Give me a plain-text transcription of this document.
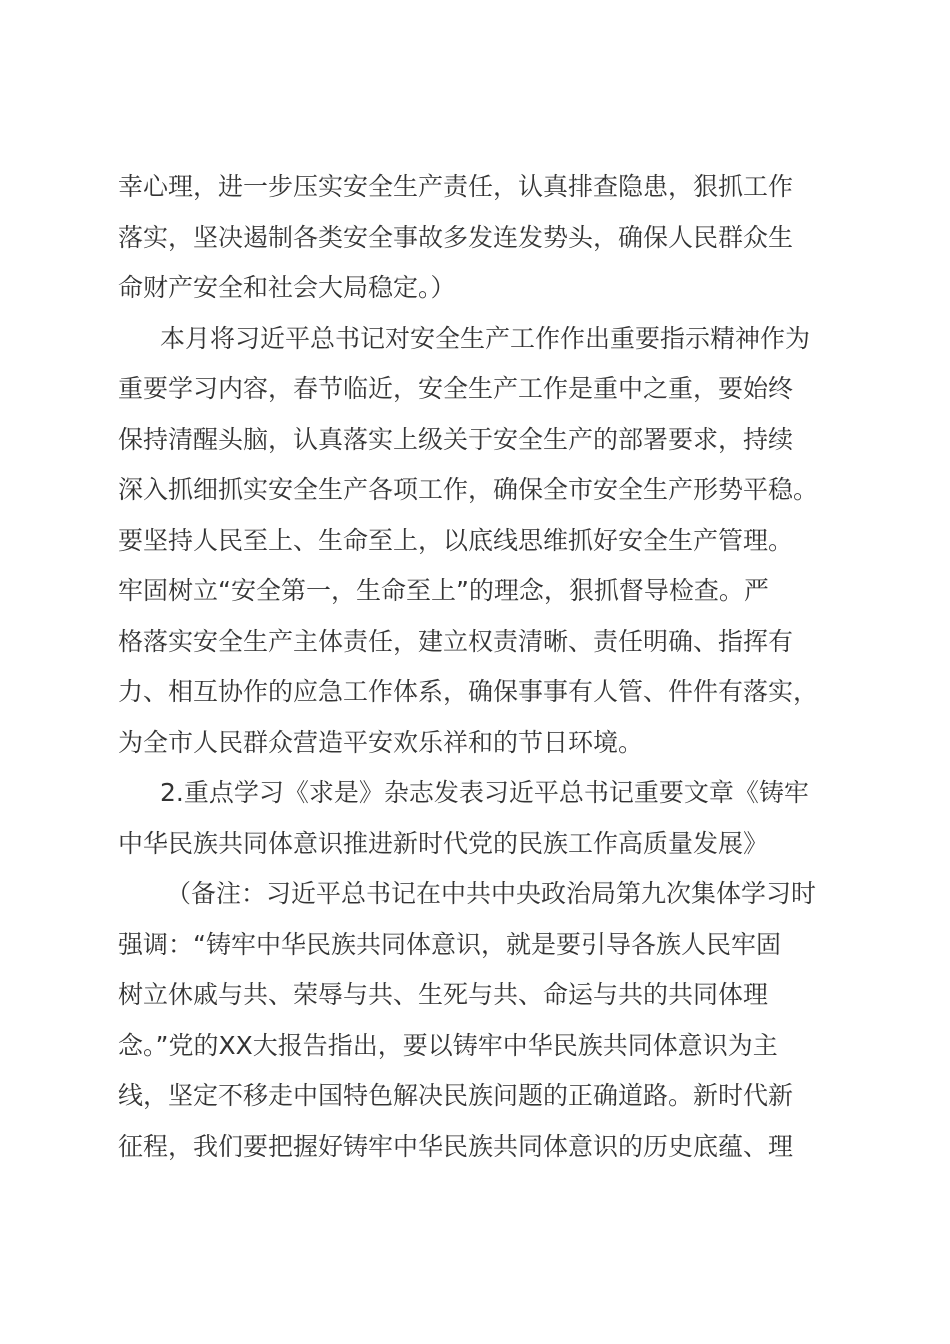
幸心理，进一步压实安全生产责任，认真排查隐患，狠抓工作
落实，坚决遏制各类安全事故多发连发势头，确保人民群众生
命财产安全和社会大局稳定。）
本月将习近平总书记对安全生产工作作出重要指示精神作为
重要学习内容，春节临近，安全生产工作是重中之重，要始终
保持清醒头脑，认真落实上级关于安全生产的部署要求，持续
深入抓细抓实安全生产各项工作，确保全市安全生产形势平稳。
要坚持人民至上、生命至上，以底线思维抓好安全生产管理。
牢固树立“安全第一，生命至上”的理念，狠抓督导检查。严
格落实安全生产主体责任，建立权责清晰、责任明确、指挥有
力、相互协作的应急工作体系，确保事事有人管、件件有落实，
为全市人民群众营造平安欢乐祥和的节日环境。
2.重点学习《求是》杂志发表习近平总书记重要文章《铸牢
中华民族共同体意识推进新时代党的民族工作高质量发展》
（备注：习近平总书记在中共中央政治局第九次集体学习时
强调：“铸牢中华民族共同体意识，就是要引导各族人民牢固
树立休戚与共、荣辱与共、生死与共、命运与共的共同体理
念。”党的XX大报告指出，要以铸牢中华民族共同体意识为主
线，坚定不移走中国特色解决民族问题的正确道路。新时代新
征程，我们要把握好铸牢中华民族共同体意识的历史底蕴、理
